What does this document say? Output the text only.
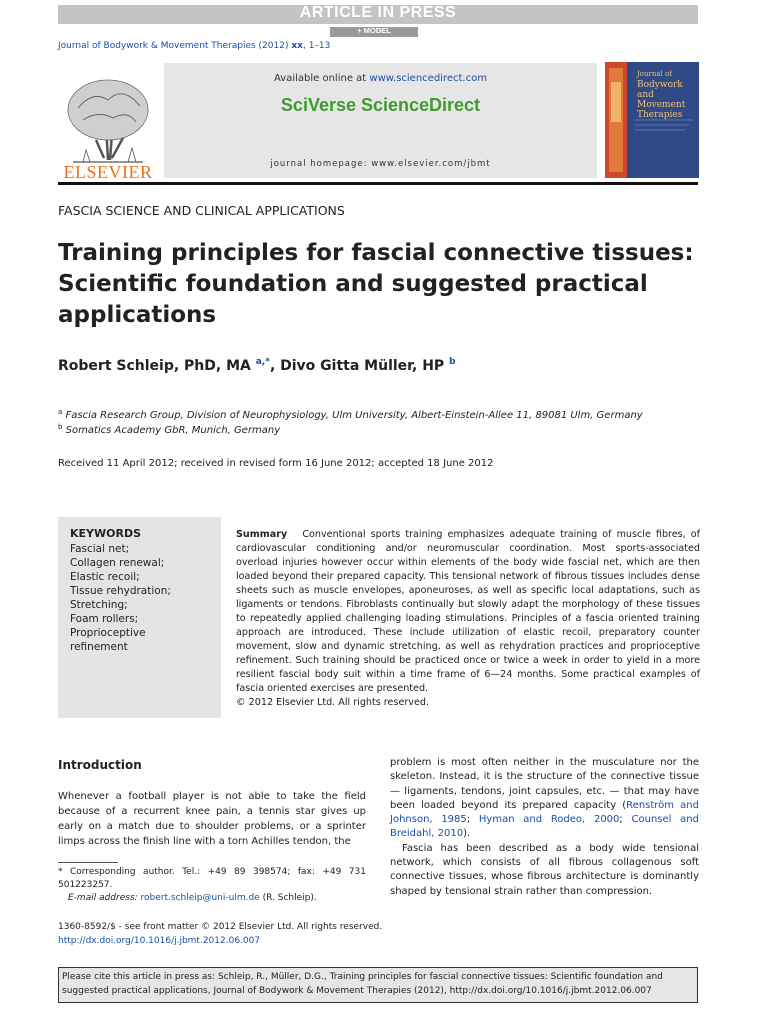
ARTICLE IN PRESS
+ MODEL
Journal of Bodywork & Movement Therapies (2012) xx, 1–13
ELSEVIER
Available online at www.sciencedirect.com
SciVerse ScienceDirect
journal homepage: www.elsevier.com/jbmt
Journal of
Bodywork
and
Movement
Therapies
FASCIA SCIENCE AND CLINICAL APPLICATIONS
Training principles for fascial connective tissues:
Scientific foundation and suggested practical
applications
Robert Schleip, PhD, MA $^{a,*}$, Divo Gitta Müller, HP $^b$
$^a$ Fascia Research Group, Division of Neurophysiology, Ulm University, Albert-Einstein-Allee 11, 89081 Ulm, Germany
$^b$ Somatics Academy GbR, Munich, Germany
Received 11 April 2012; received in revised form 16 June 2012; accepted 18 June 2012
KEYWORDS
Fascial net;
Collagen renewal;
Elastic recoil;
Tissue rehydration;
Stretching;
Foam rollers;
Proprioceptive
refinement
Summary Conventional sports training emphasizes adequate training of muscle fibres, of cardiovascular conditioning and/or neuromuscular coordination. Most sports-associated overload injuries however occur within elements of the body wide fascial net, which are then loaded beyond their prepared capacity. This tensional network of fibrous tissues includes dense sheets such as muscle envelopes, aponeuroses, as well as specific local adaptations, such as ligaments or tendons. Fibroblasts continually but slowly adapt the morphology of these tissues to repeatedly applied challenging loading stimulations. Principles of a fascia oriented training approach are introduced. These include utilization of elastic recoil, preparatory counter movement, slow and dynamic stretching, as well as rehydration practices and proprioceptive refinement. Such training should be practiced once or twice a week in order to yield in a more resilient fascial body suit within a time frame of 6—24 months. Some practical examples of fascia oriented exercises are presented.
© 2012 Elsevier Ltd. All rights reserved.
Introduction
Whenever a football player is not able to take the field because of a recurrent knee pain, a tennis star gives up early on a match due to shoulder problems, or a sprinter limps across the finish line with a torn Achilles tendon, the

problem is most often neither in the musculature nor the skeleton. Instead, it is the structure of the connective tissue — ligaments, tendons, joint capsules, etc. — that may have been loaded beyond its prepared capacity (Renström and Johnson, 1985; Hyman and Rodeo, 2000; Counsel and Breidahl, 2010).

Fascia has been described as a body wide tensional network, which consists of all fibrous collagenous soft connective tissues, whose fibrous architecture is dominantly shaped by tensional strain rather than compression.

* Corresponding author. Tel.: +49 89 398574; fax: +49 731 501223257.
E-mail address: robert.schleip@uni-ulm.de (R. Schleip).
1360-8592/$ - see front matter © 2012 Elsevier Ltd. All rights reserved.
http://dx.doi.org/10.1016/j.jbmt.2012.06.007
Please cite this article in press as: Schleip, R., Müller, D.G., Training principles for fascial connective tissues: Scientific foundation and suggested practical applications, Journal of Bodywork & Movement Therapies (2012), http://dx.doi.org/10.1016/j.jbmt.2012.06.007
